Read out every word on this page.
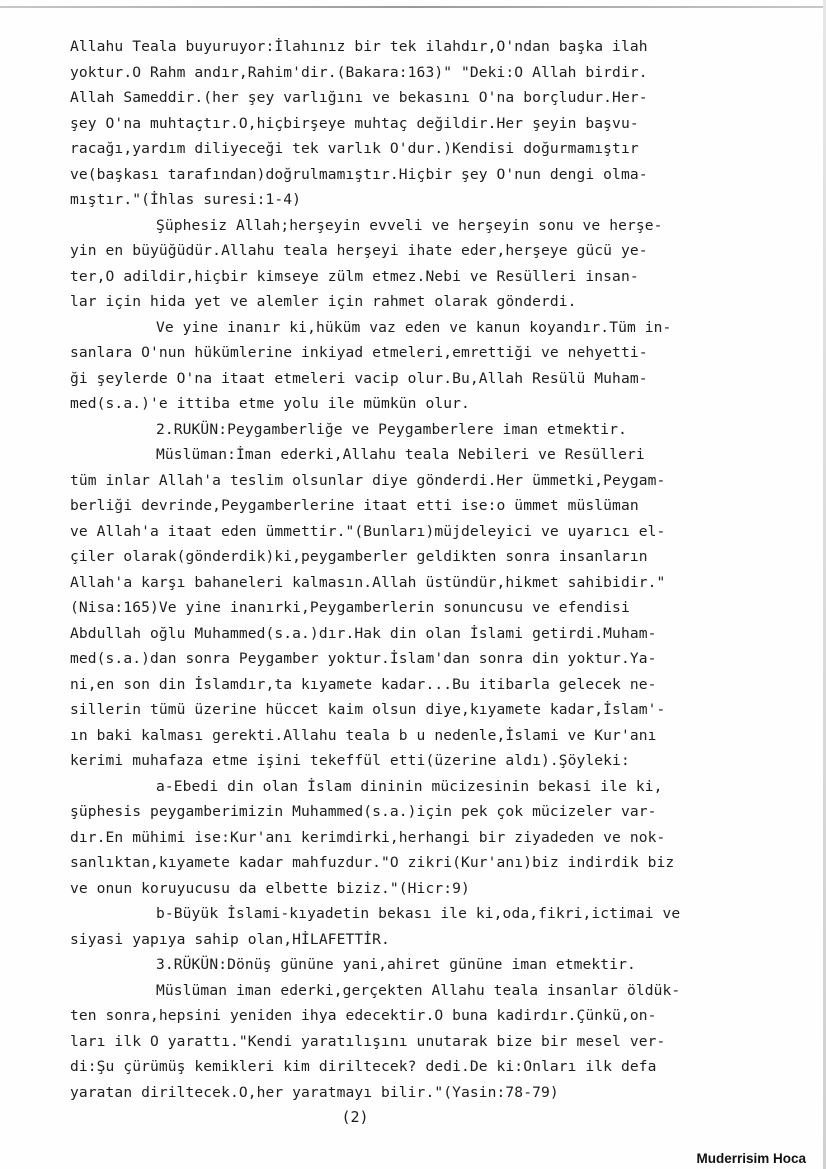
Allahu Teala buyuruyor:İlahınız bir tek ilahdır,O'ndan başka ilah
yoktur.O Rahm andır,Rahim'dir.(Bakara:163)" "Deki:O Allah birdir.
Allah Sameddir.(her şey varlığını ve bekasını O'na borçludur.Her-
şey O'na muhtaçtır.O,hiçbirşeye muhtaç değildir.Her şeyin başvu-
racağı,yardım diliyeceği tek varlık O'dur.)Kendisi doğurmamıştır
ve(başkası tarafından)doğrulmamıştır.Hiçbir şey O'nun dengi olma-
mıştır."(İhlas suresi:1-4)
Şüphesiz Allah;herşeyin evveli ve herşeyin sonu ve herşe-
yin en büyüğüdür.Allahu teala herşeyi ihate eder,herşeye gücü ye-
ter,O adildir,hiçbir kimseye zülm etmez.Nebi ve Resülleri insan-
lar için hida yet ve alemler için rahmet olarak gönderdi.
Ve yine inanır ki,hüküm vaz eden ve kanun koyandır.Tüm in-
sanlara O'nun hükümlerine inkiyad etmeleri,emrettiği ve nehyetti-
ği şeylerde O'na itaat etmeleri vacip olur.Bu,Allah Resülü Muham-
med(s.a.)'e ittiba etme yolu ile mümkün olur.
2.RUKÜN:Peygamberliğe ve Peygamberlere iman etmektir.
Müslüman:İman ederki,Allahu teala Nebileri ve Resülleri
tüm inlar Allah'a teslim olsunlar diye gönderdi.Her ümmetki,Peygam-
berliği devrinde,Peygamberlerine itaat etti ise:o ümmet müslüman
ve Allah'a itaat eden ümmettir."(Bunları)müjdeleyici ve uyarıcı el-
çiler olarak(gönderdik)ki,peygamberler geldikten sonra insanların
Allah'a karşı bahaneleri kalmasın.Allah üstündür,hikmet sahibidir."
(Nisa:165)Ve yine inanırki,Peygamberlerin sonuncusu ve efendisi
Abdullah oğlu Muhammed(s.a.)dır.Hak din olan İslami getirdi.Muham-
med(s.a.)dan sonra Peygamber yoktur.İslam'dan sonra din yoktur.Ya-
ni,en son din İslamdır,ta kıyamete kadar...Bu itibarla gelecek ne-
sillerin tümü üzerine hüccet kaim olsun diye,kıyamete kadar,İslam'-
ın baki kalması gerekti.Allahu teala b u nedenle,İslami ve Kur'anı
kerimi muhafaza etme işini tekeffül etti(üzerine aldı).Şöyleki:
a-Ebedi din olan İslam dininin mücizesinin bekasi ile ki,
şüphesis peygamberimizin Muhammed(s.a.)için pek çok mücizeler var-
dır.En mühimi ise:Kur'anı kerimdirki,herhangi bir ziyadeden ve nok-
sanlıktan,kıyamete kadar mahfuzdur."O zikri(Kur'anı)biz indirdik biz
ve onun koruyucusu da elbette biziz."(Hicr:9)
b-Büyük İslami-kıyadetin bekası ile ki,oda,fikri,ictimai ve
siyasi yapıya sahip olan,HİLAFETTİR.
3.RÜKÜN:Dönüş gününe yani,ahiret gününe iman etmektir.
Müslüman iman ederki,gerçekten Allahu teala insanlar öldük-
ten sonra,hepsini yeniden ihya edecektir.O buna kadirdır.Çünkü,on-
ları ilk O yarattı."Kendi yaratılışını unutarak bize bir mesel ver-
di:Şu çürümüş kemikleri kim diriltecek? dedi.De ki:Onları ilk defa
yaratan diriltecek.O,her yaratmayı bilir."(Yasin:78-79)
(2)
Muderrisim Hoca
